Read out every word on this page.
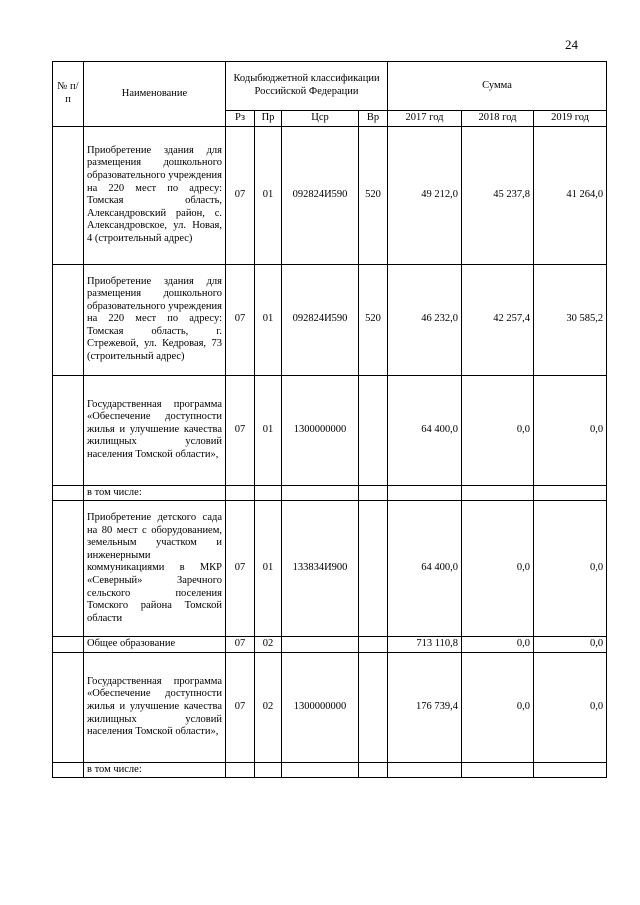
24
№ п/п	Наименование	Кодыбюджетной классификации Российской Федерации				Сумма		
		Рз	Пр	Цср	Вр	2017 год	2018 год	2019 год
	Приобретение здания для размещения дошкольного образовательного учреждения на 220 мест по адресу: Томская область, Александровский район, с. Александровское, ул. Новая, 4 (строительный адрес)	07	01	092824И590	520	49 212,0	45 237,8	41 264,0
	Приобретение здания для размещения дошкольного образовательного учреждения на 220 мест по адресу: Томская область, г. Стрежевой, ул. Кедровая, 73 (строительный адрес)	07	01	092824И590	520	46 232,0	42 257,4	30 585,2
	Государственная программа «Обеспечение доступности жилья и улучшение качества жилищных условий населения Томской области»,	07	01	1300000000		64 400,0	0,0	0,0
	в том числе:							
	Приобретение детского сада на 80 мест с оборудованием, земельным участком и инженерными коммуникациями в МКР «Северный» Заречного сельского поселения Томского района Томской области	07	01	133834И900		64 400,0	0,0	0,0
	Общее образование	07	02			713 110,8	0,0	0,0
	Государственная программа «Обеспечение доступности жилья и улучшение качества жилищных условий населения Томской области»,	07	02	1300000000		176 739,4	0,0	0,0
	в том числе:							
